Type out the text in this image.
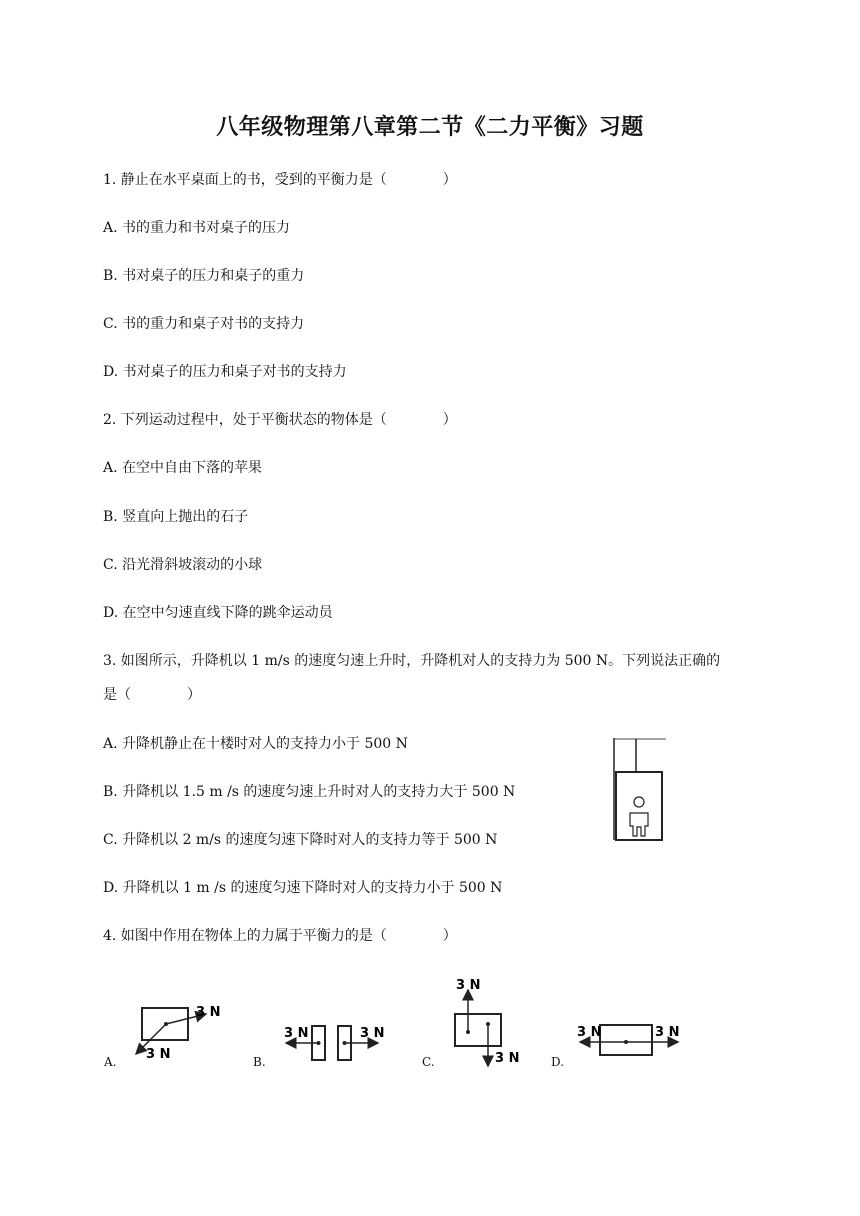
八年级物理第八章第二节《二力平衡》习题
1. 静止在水平桌面上的书，受到的平衡力是（　　　　）
A. 书的重力和书对桌子的压力
B. 书对桌子的压力和桌子的重力
C. 书的重力和桌子对书的支持力
D. 书对桌子的压力和桌子对书的支持力
2. 下列运动过程中，处于平衡状态的物体是（　　　　）
A. 在空中自由下落的苹果
B. 竖直向上抛出的石子
C. 沿光滑斜坡滚动的小球
D. 在空中匀速直线下降的跳伞运动员
3. 如图所示，升降机以 1 m/s 的速度匀速上升时，升降机对人的支持力为 500 N。下列说法正确的
是（　　　　）
A. 升降机静止在十楼时对人的支持力小于 500 N
B. 升降机以 1.5 m /s 的速度匀速上升时对人的支持力大于 500 N
C. 升降机以 2 m/s 的速度匀速下降时对人的支持力等于 500 N
D. 升降机以 1 m /s 的速度匀速下降时对人的支持力小于 500 N
4. 如图中作用在物体上的力属于平衡力的是（　　　　）
A.	B.	C.	D.
3 N
3 N
3 N	3 N
3 N
3 N
3 N	3 N
